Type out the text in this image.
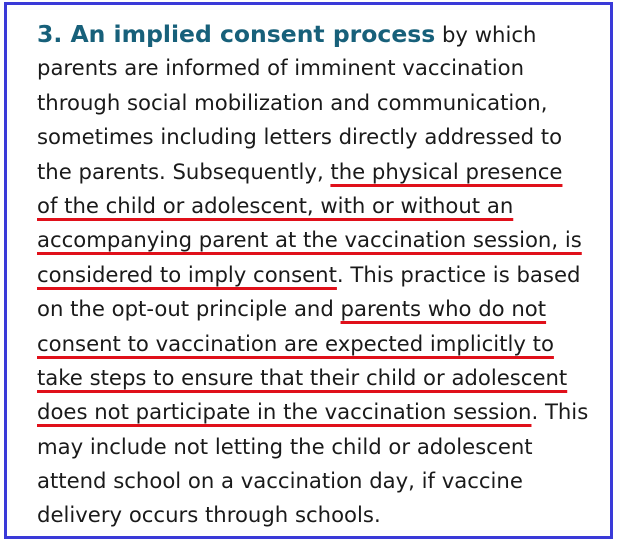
3. An implied consent process by which
parents are informed of imminent vaccination
through social mobilization and communication,
sometimes including letters directly addressed to
the parents. Subsequently, the physical presence
of the child or adolescent, with or without an
accompanying parent at the vaccination session, is
considered to imply consent. This practice is based
on the opt-out principle and parents who do not
consent to vaccination are expected implicitly to
take steps to ensure that their child or adolescent
does not participate in the vaccination session. This
may include not letting the child or adolescent
attend school on a vaccination day, if vaccine
delivery occurs through schools.
